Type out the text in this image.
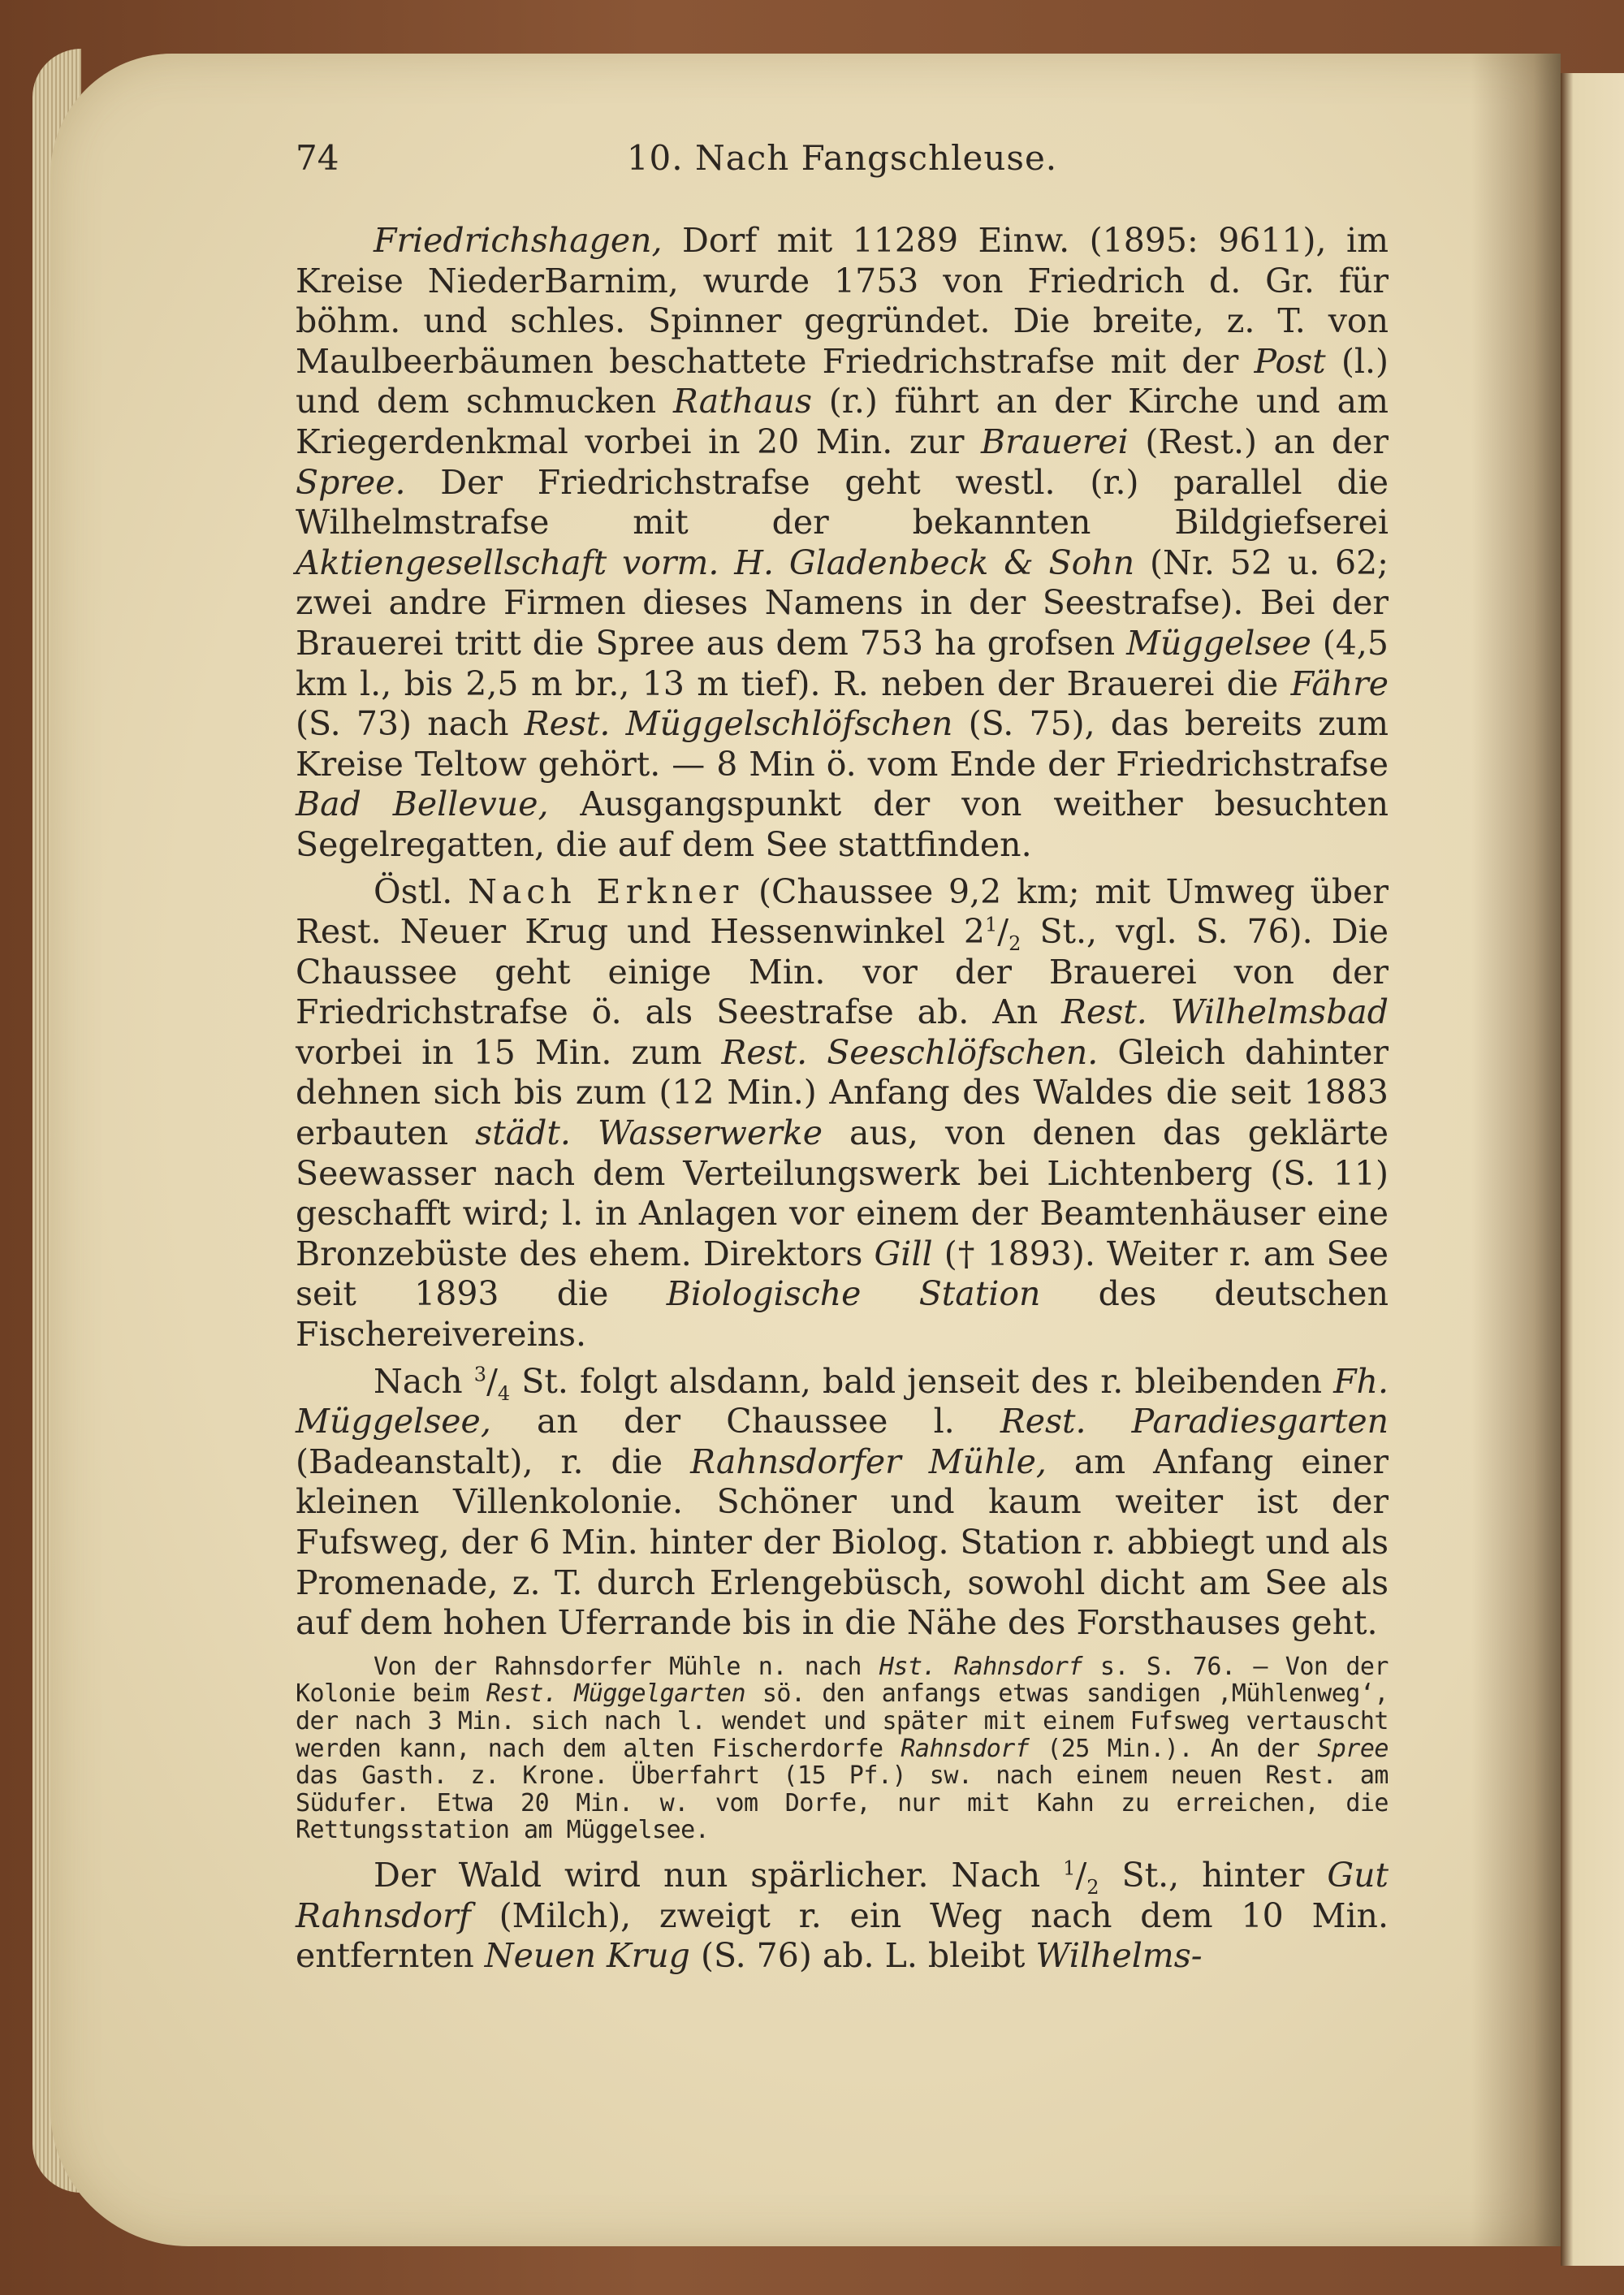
10. Nach Fangschleuse.
74

Friedrichshagen, Dorf mit 11289 Einw. (1895: 9611), im Kreise NiederBarnim, wurde 1753 von Friedrich d. Gr. für böhm. und schles. Spinner gegründet. Die breite, z. T. von Maulbeerbäumen beschattete Friedrichstrafse mit der Post (l.) und dem schmucken Rathaus (r.) führt an der Kirche und am Kriegerdenkmal vorbei in 20 Min. zur Brauerei (Rest.) an der Spree. Der Friedrichstrafse geht westl. (r.) parallel die Wilhelmstrafse mit der bekannten Bildgiefserei Aktiengesellschaft vorm. H. Gladenbeck & Sohn (Nr. 52 u. 62; zwei andre Firmen dieses Namens in der Seestrafse). Bei der Brauerei tritt die Spree aus dem 753 ha grofsen Müggelsee (4,5 km l., bis 2,5 m br., 13 m tief). R. neben der Brauerei die Fähre (S. 73) nach Rest. Müggelschlöfschen (S. 75), das bereits zum Kreise Teltow gehört. — 8 Min ö. vom Ende der Friedrichstrafse Bad Bellevue, Ausgangspunkt der von weither besuchten Segelregatten, die auf dem See stattfinden.

Östl. Nach Erkner (Chaussee 9,2 km; mit Umweg über Rest. Neuer Krug und Hessenwinkel $2^1/_2$ St., vgl. S. 76). Die Chaussee geht einige Min. vor der Brauerei von der Friedrichstrafse ö. als Seestrafse ab. An Rest. Wilhelmsbad vorbei in 15 Min. zum Rest. Seeschlöfschen. Gleich dahinter dehnen sich bis zum (12 Min.) Anfang des Waldes die seit 1883 erbauten städt. Wasserwerke aus, von denen das geklärte Seewasser nach dem Verteilungswerk bei Lichtenberg (S. 11) geschafft wird; l. in Anlagen vor einem der Beamtenhäuser eine Bronzebüste des ehem. Direktors Gill († 1893). Weiter r. am See seit 1893 die Biologische Station des deutschen Fischereivereins.

Nach $^3/_4$ St. folgt alsdann, bald jenseit des r. bleibenden Fh. Müggelsee, an der Chaussee l. Rest. Paradiesgarten (Badeanstalt), r. die Rahnsdorfer Mühle, am Anfang einer kleinen Villenkolonie. Schöner und kaum weiter ist der Fufsweg, der 6 Min. hinter der Biolog. Station r. abbiegt und als Promenade, z. T. durch Erlengebüsch, sowohl dicht am See als auf dem hohen Uferrande bis in die Nähe des Forsthauses geht.

Von der Rahnsdorfer Mühle n. nach Hst. Rahnsdorf s. S. 76. — Von der Kolonie beim Rest. Müggelgarten sö. den anfangs etwas sandigen ‚Mühlenweg‘, der nach 3 Min. sich nach l. wendet und später mit einem Fufsweg vertauscht werden kann, nach dem alten Fischerdorfe Rahnsdorf (25 Min.). An der Spree das Gasth. z. Krone. Überfahrt (15 Pf.) sw. nach einem neuen Rest. am Südufer. Etwa 20 Min. w. vom Dorfe, nur mit Kahn zu erreichen, die Rettungsstation am Müggelsee.

Der Wald wird nun spärlicher. Nach $^1/_2$ St., hinter Gut Rahnsdorf (Milch), zweigt r. ein Weg nach dem 10 Min. entfernten Neuen Krug (S. 76) ab. L. bleibt Wilhelms-
